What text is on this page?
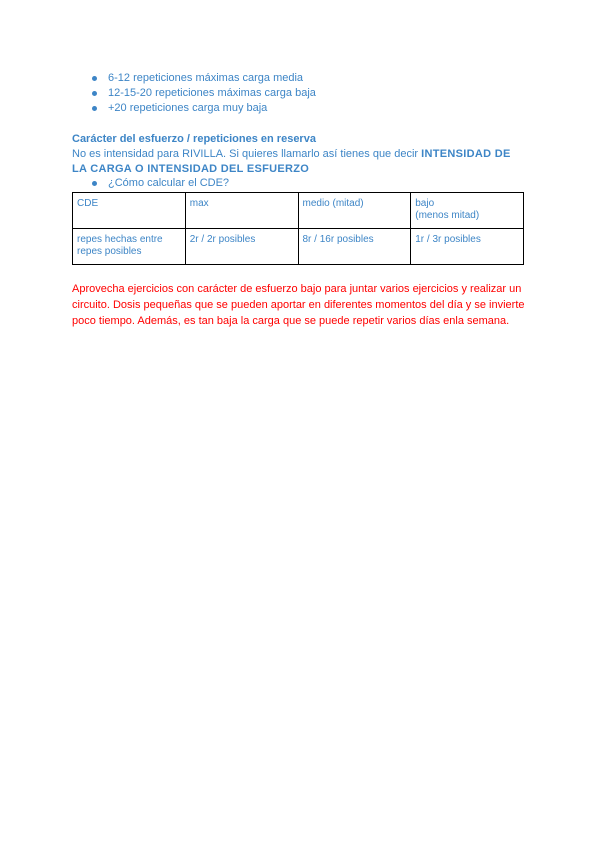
6-12 repeticiones máximas carga media
12-15-20 repeticiones máximas carga baja
+20 repeticiones carga muy baja
Carácter del esfuerzo / repeticiones en reserva
No es intensidad para RIVILLA. Si quieres llamarlo así tienes que decir INTENSIDAD DE LA CARGA O INTENSIDAD DEL ESFUERZO
¿Cómo calcular el CDE?
CDE	max	medio (mitad)	bajo
(menos mitad)

repes hechas entre repes posibles	2r / 2r posibles	8r / 16r posibles	1r / 3r posibles
Aprovecha ejercicios con carácter de esfuerzo bajo para juntar varios ejercicios y realizar un circuito. Dosis pequeñas que se pueden aportar en diferentes momentos del día y se invierte poco tiempo. Además, es tan baja la carga que se puede repetir varios días enla semana.
